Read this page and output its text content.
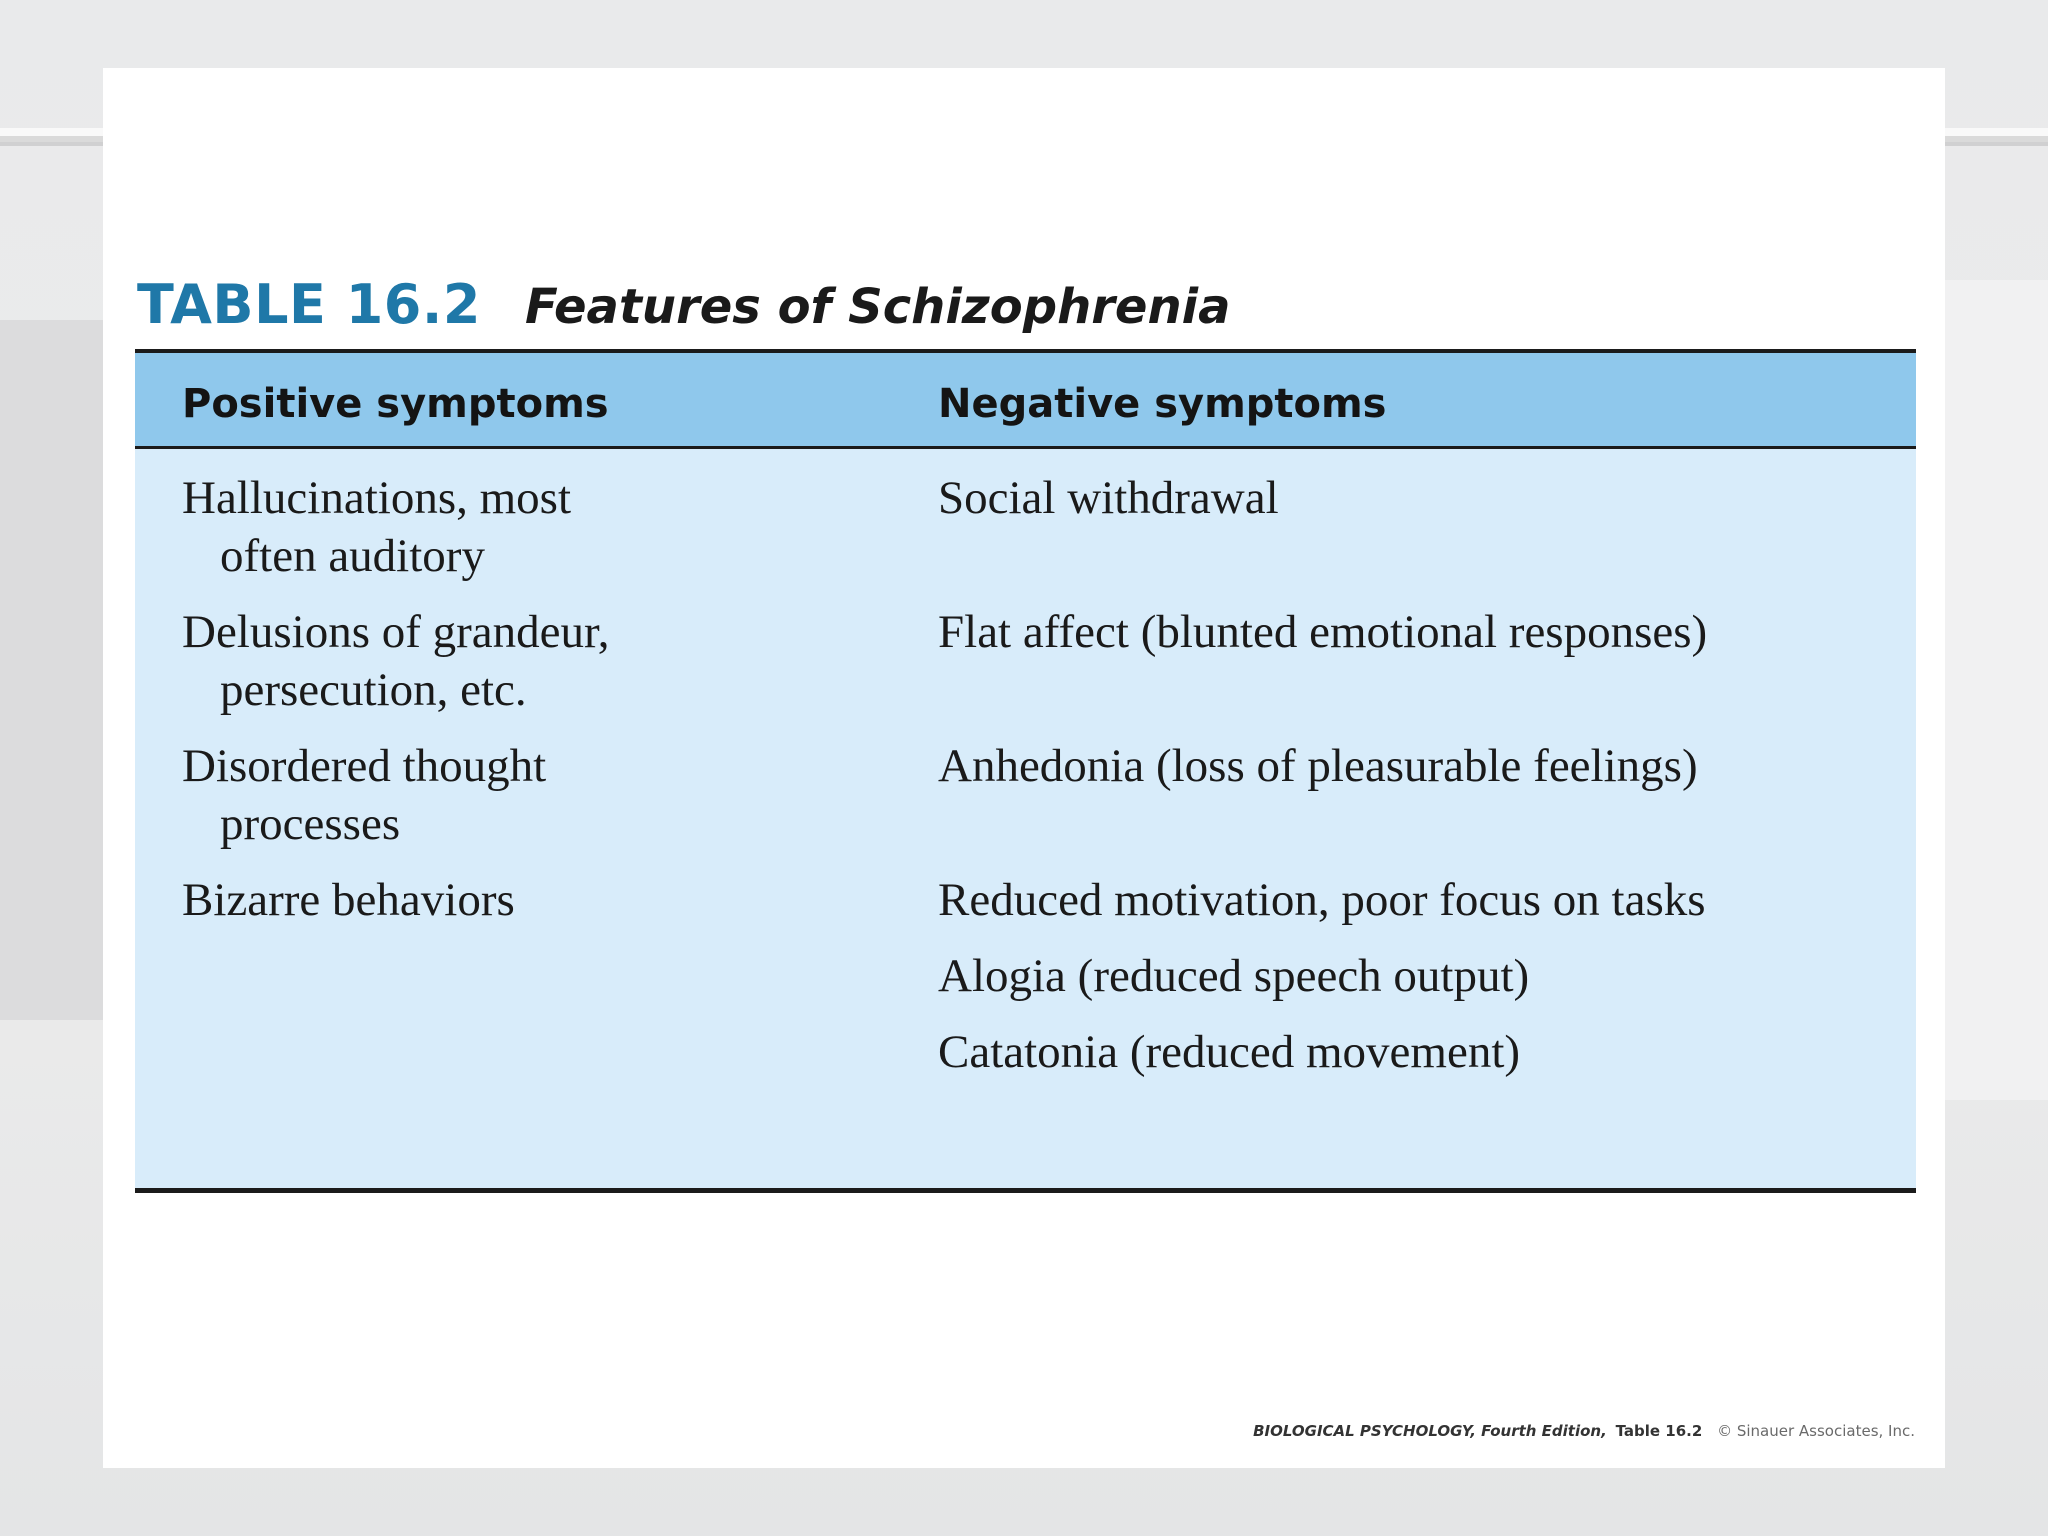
TABLE 16.2 Features of Schizophrenia
Positive symptoms	Negative symptoms
Hallucinations, most
often auditory
Delusions of grandeur,
persecution, etc.
Disordered thought
processes
Bizarre behaviors
Social withdrawal
Flat affect (blunted emotional responses)
Anhedonia (loss of pleasurable feelings)
Reduced motivation, poor focus on tasks
Alogia (reduced speech output)
Catatonia (reduced movement)
BIOLOGICAL PSYCHOLOGY, Fourth Edition, Table 16.2 © Sinauer Associates, Inc.
